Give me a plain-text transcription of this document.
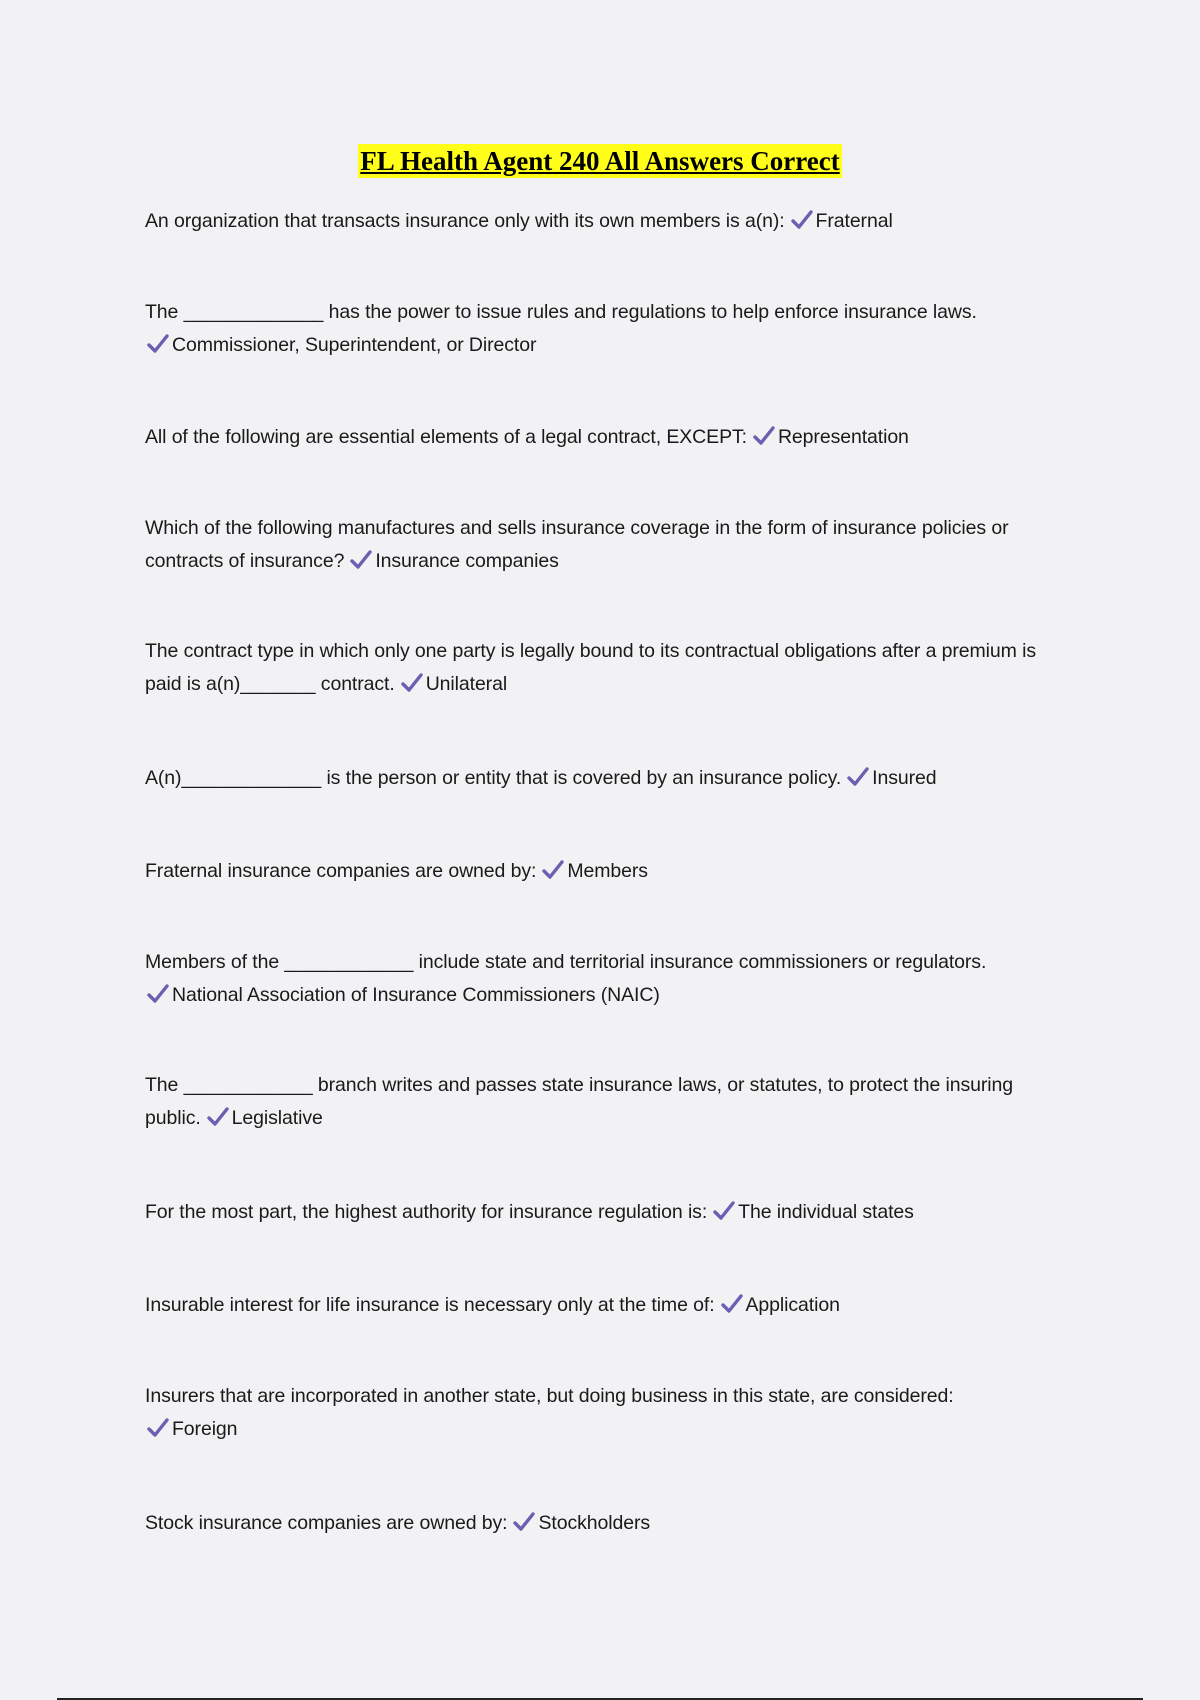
FL Health Agent 240 All Answers Correct
An organization that transacts insurance only with its own members is a(n): Fraternal
The _____________ has the power to issue rules and regulations to help enforce insurance laws.
Commissioner, Superintendent, or Director
All of the following are essential elements of a legal contract, EXCEPT: Representation
Which of the following manufactures and sells insurance coverage in the form of insurance policies or contracts of insurance? Insurance companies
The contract type in which only one party is legally bound to its contractual obligations after a premium is paid is a(n)_______ contract. Unilateral
A(n)_____________ is the person or entity that is covered by an insurance policy. Insured
Fraternal insurance companies are owned by: Members
Members of the ____________ include state and territorial insurance commissioners or regulators.
National Association of Insurance Commissioners (NAIC)
The ____________ branch writes and passes state insurance laws, or statutes, to protect the insuring public. Legislative
For the most part, the highest authority for insurance regulation is: The individual states
Insurable interest for life insurance is necessary only at the time of: Application
Insurers that are incorporated in another state, but doing business in this state, are considered:
Foreign
Stock insurance companies are owned by: Stockholders
